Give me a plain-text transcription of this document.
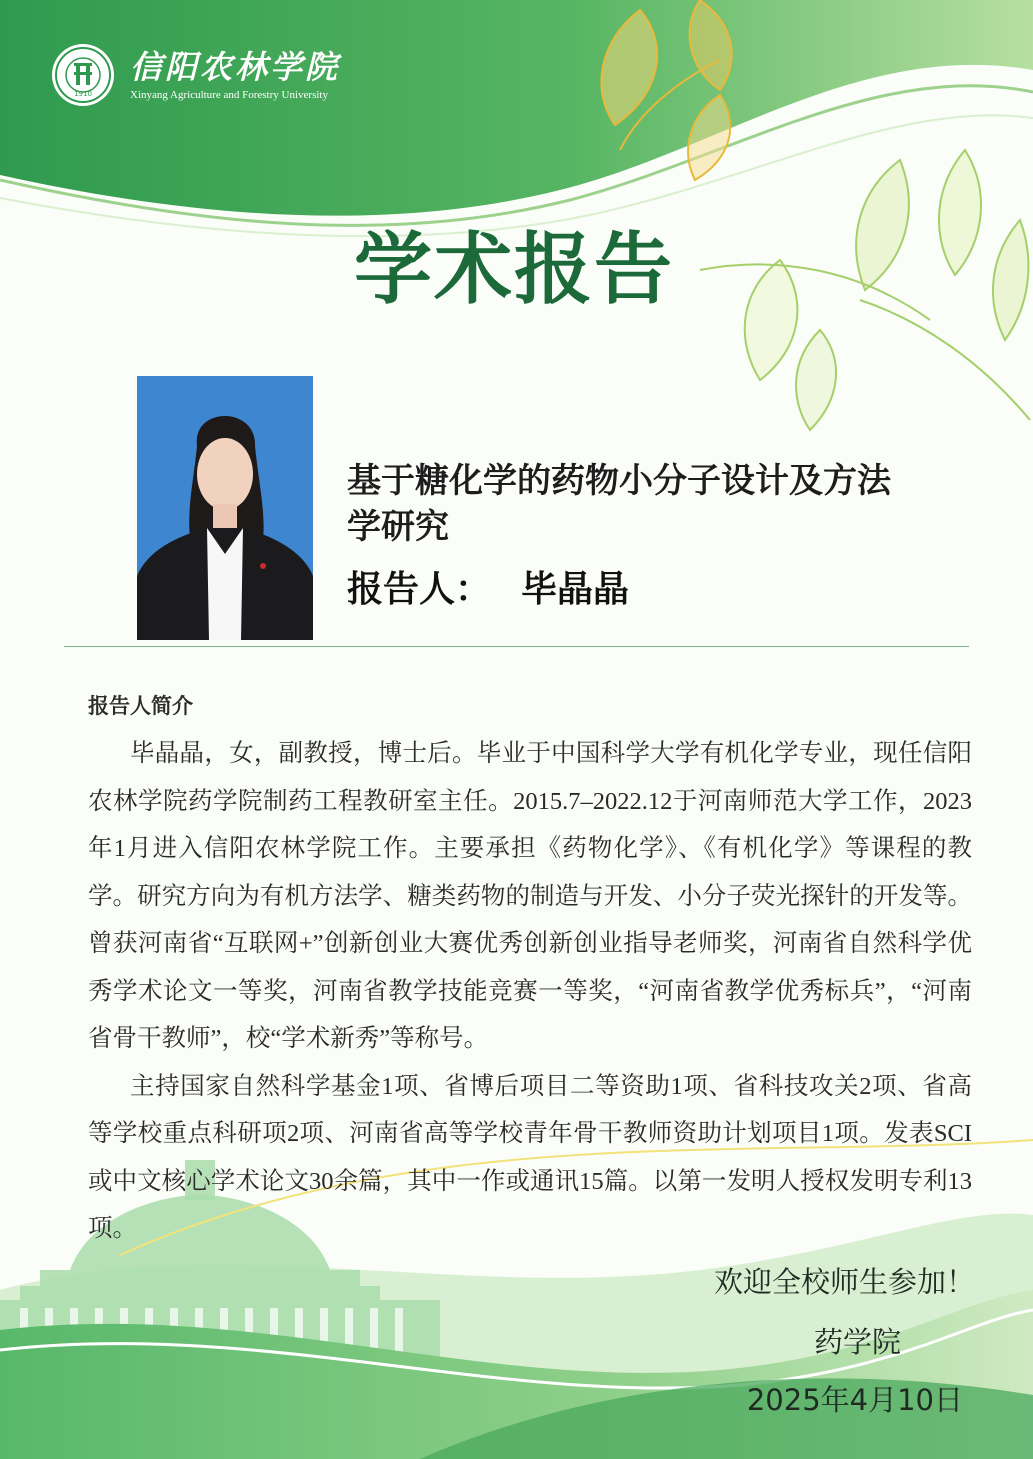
1910
信阳农林学院
Xinyang Agriculture and Forestry University
学术报告
基于糖化学的药物小分子设计及方法学研究
报告人： 毕晶晶
报告人简介

毕晶晶，女，副教授，博士后。毕业于中国科学大学有机化学专业，现任信阳农林学院药学院制药工程教研室主任。2015.7–2022.12于河南师范大学工作，2023年1月进入信阳农林学院工作。主要承担《药物化学》、《有机化学》等课程的教学。研究方向为有机方法学、糖类药物的制造与开发、小分子荧光探针的开发等。曾获河南省“互联网+”创新创业大赛优秀创新创业指导老师奖，河南省自然科学优秀学术论文一等奖，河南省教学技能竞赛一等奖，“河南省教学优秀标兵”，“河南省骨干教师”，校“学术新秀”等称号。

主持国家自然科学基金1项、省博后项目二等资助1项、省科技攻关2项、省高等学校重点科研项2项、河南省高等学校青年骨干教师资助计划项目1项。发表SCI或中文核心学术论文30余篇，其中一作或通讯15篇。以第一发明人授权发明专利13项。

欢迎全校师生参加！
药学院
2025年4月10日
